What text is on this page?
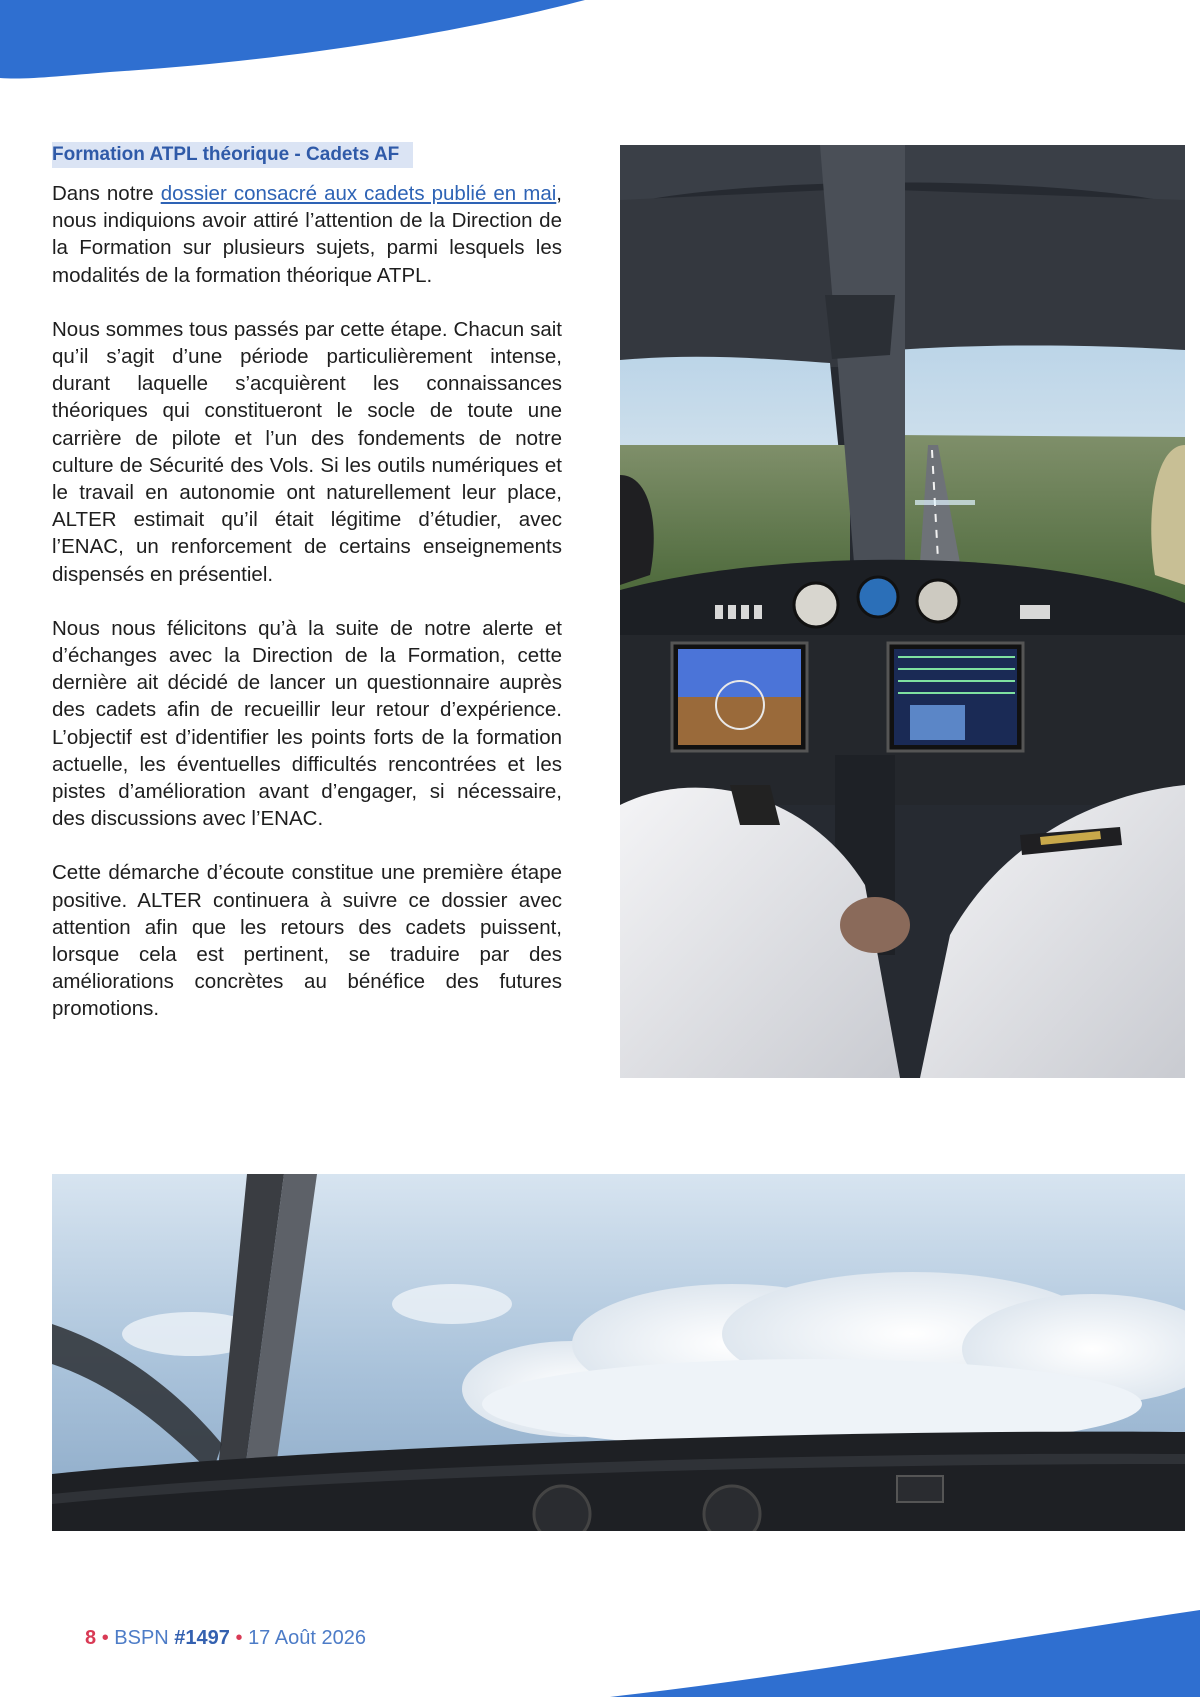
Formation ATPL théorique - Cadets AF

Dans notre dossier consacré aux cadets publié en mai, nous indiquions avoir attiré l’attention de la Direction de la Formation sur plusieurs sujets, parmi lesquels les modalités de la formation théorique ATPL.

Nous sommes tous passés par cette étape. Chacun sait qu’il s’agit d’une période particulièrement intense, durant laquelle s’acquièrent les connaissances théoriques qui constitueront le socle de toute une carrière de pilote et l’un des fondements de notre culture de Sécurité des Vols. Si les outils numériques et le travail en autonomie ont naturellement leur place, ALTER estimait qu’il était légitime d’étudier, avec l’ENAC, un renforcement de certains enseignements dispensés en présentiel.

Nous nous félicitons qu’à la suite de notre alerte et d’échanges avec la Direction de la Formation, cette dernière ait décidé de lancer un questionnaire auprès des cadets afin de recueillir leur retour d’expérience. L’objectif est d’identifier les points forts de la formation actuelle, les éventuelles difficultés rencontrées et les pistes d’amélioration avant d’engager, si nécessaire, des discussions avec l’ENAC.

Cette démarche d’écoute constitue une première étape positive. ALTER continuera à suivre ce dossier avec attention afin que les retours des cadets puissent, lorsque cela est pertinent, se traduire par des améliorations concrètes au bénéfice des futures promotions.

8 • BSPN #1497 • 17 Août 2026
